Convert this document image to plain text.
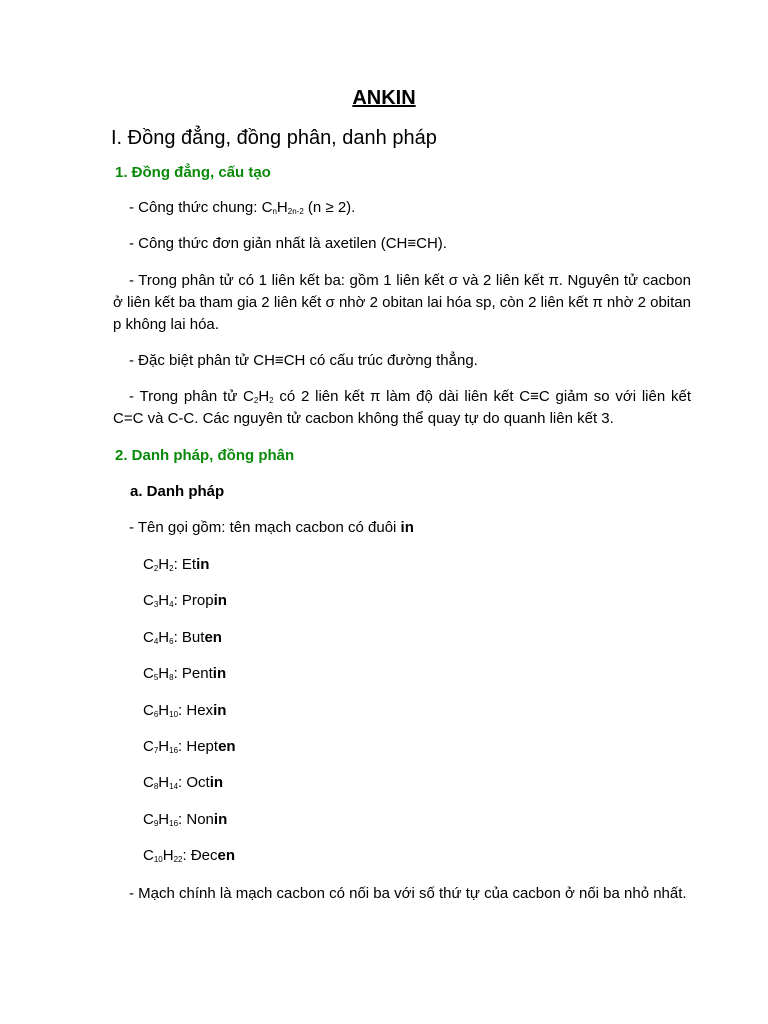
ANKIN
I. Đồng đẳng, đồng phân, danh pháp
1. Đồng đẳng, cấu tạo
- Công thức chung: $C_nH_{2n-2}$ (n ≥ 2).
- Công thức đơn giản nhất là axetilen (CH≡CH).
- Trong phân tử có 1 liên kết ba: gồm 1 liên kết σ và 2 liên kết π. Nguyên tử cacbon ở liên kết ba tham gia 2 liên kết σ nhờ 2 obitan lai hóa sp, còn 2 liên kết π nhờ 2 obitan p không lai hóa.
- Đặc biệt phân tử CH≡CH có cấu trúc đường thẳng.
- Trong phân tử $C_2H_2$ có 2 liên kết π làm độ dài liên kết C≡C giảm so với liên kết C=C và C-C. Các nguyên tử cacbon không thể quay tự do quanh liên kết 3.
2. Danh pháp, đồng phân
a. Danh pháp
- Tên gọi gồm: tên mạch cacbon có đuôi in
$C_2H_2$: Etin
$C_3H_4$: Propin
$C_4H_6$: Buten
$C_5H_8$: Pentin
$C_6H_{10}$: Hexin
$C_7H_{16}$: Hepten
$C_8H_{14}$: Octin
$C_9H_{16}$: Nonin
$C_{10}H_{22}$: Đecen
- Mạch chính là mạch cacbon có nối ba với số thứ tự của cacbon ở nối ba nhỏ nhất.
